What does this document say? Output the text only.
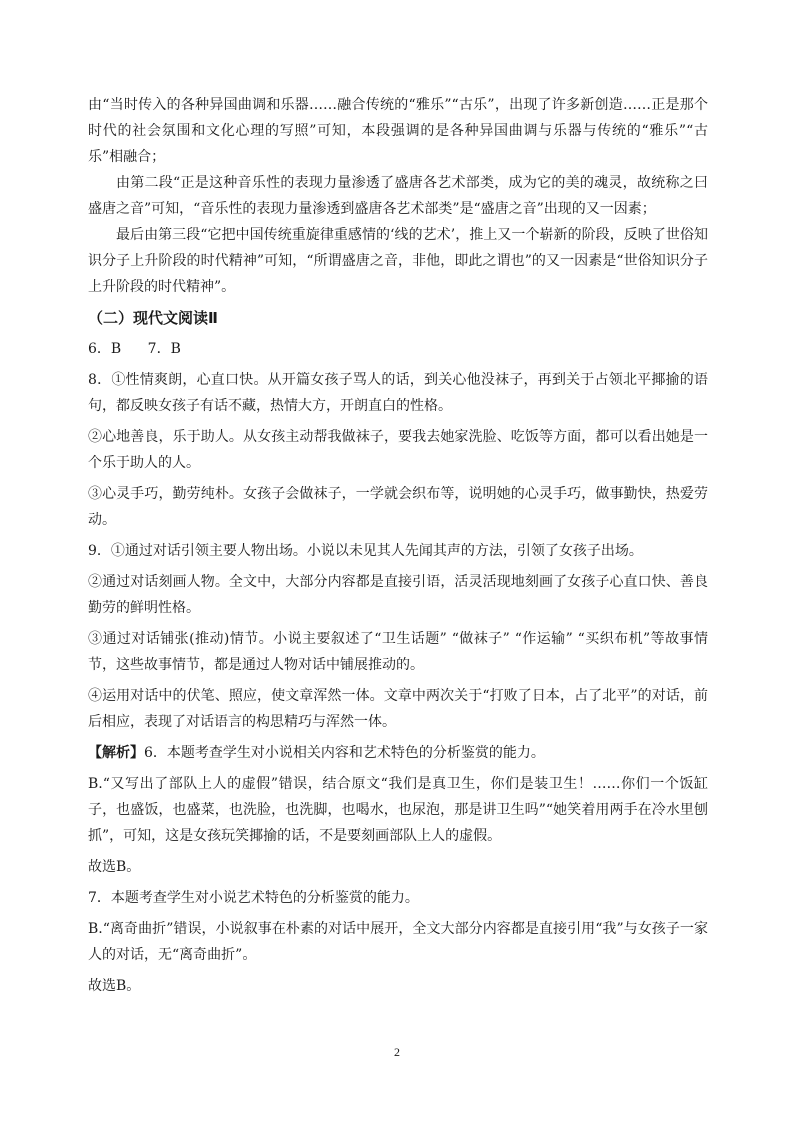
由“当时传入的各种异国曲调和乐器……融合传统的“雅乐”“古乐”，出现了许多新创造……正是那个时代的社会氛围和文化心理的写照”可知，本段强调的是各种异国曲调与乐器与传统的“雅乐”“古乐”相融合；

由第二段“正是这种音乐性的表现力量渗透了盛唐各艺术部类，成为它的美的魂灵，故统称之曰盛唐之音”可知，“音乐性的表现力量渗透到盛唐各艺术部类”是“盛唐之音”出现的又一因素；

最后由第三段“它把中国传统重旋律重感情的‘线的艺术’，推上又一个崭新的阶段，反映了世俗知识分子上升阶段的时代精神”可知，“所谓盛唐之音，非他，即此之谓也”的又一因素是“世俗知识分子上升阶段的时代精神”。

（二）现代文阅读Ⅱ

6．B 7．B

8．①性情爽朗，心直口快。从开篇女孩子骂人的话，到关心他没袜子，再到关于占领北平揶揄的语句，都反映女孩子有话不藏，热情大方，开朗直白的性格。

②心地善良，乐于助人。从女孩主动帮我做袜子，要我去她家洗脸、吃饭等方面，都可以看出她是一个乐于助人的人。

③心灵手巧，勤劳纯朴。女孩子会做袜子，一学就会织布等，说明她的心灵手巧，做事勤快，热爱劳动。

9．①通过对话引领主要人物出场。小说以未见其人先闻其声的方法，引领了女孩子出场。

②通过对话刻画人物。全文中，大部分内容都是直接引语，活灵活现地刻画了女孩子心直口快、善良勤劳的鲜明性格。

③通过对话铺张(推动)情节。小说主要叙述了“卫生话题” “做袜子” “作运输” “买织布机”等故事情节，这些故事情节，都是通过人物对话中铺展推动的。

④运用对话中的伏笔、照应，使文章浑然一体。文章中两次关于“打败了日本，占了北平”的对话，前后相应，表现了对话语言的构思精巧与浑然一体。

【解析】6．本题考查学生对小说相关内容和艺术特色的分析鉴赏的能力。

B.“又写出了部队上人的虚假”错误，结合原文“我们是真卫生，你们是装卫生！……你们一个饭缸子，也盛饭，也盛菜，也洗脸，也洗脚，也喝水，也尿泡，那是讲卫生吗”“她笑着用两手在冷水里刨抓”，可知，这是女孩玩笑揶揄的话，不是要刻画部队上人的虚假。

故选B。

7．本题考查学生对小说艺术特色的分析鉴赏的能力。

B.“离奇曲折”错误，小说叙事在朴素的对话中展开，全文大部分内容都是直接引用“我”与女孩子一家人的对话，无“离奇曲折”。

故选B。

2
